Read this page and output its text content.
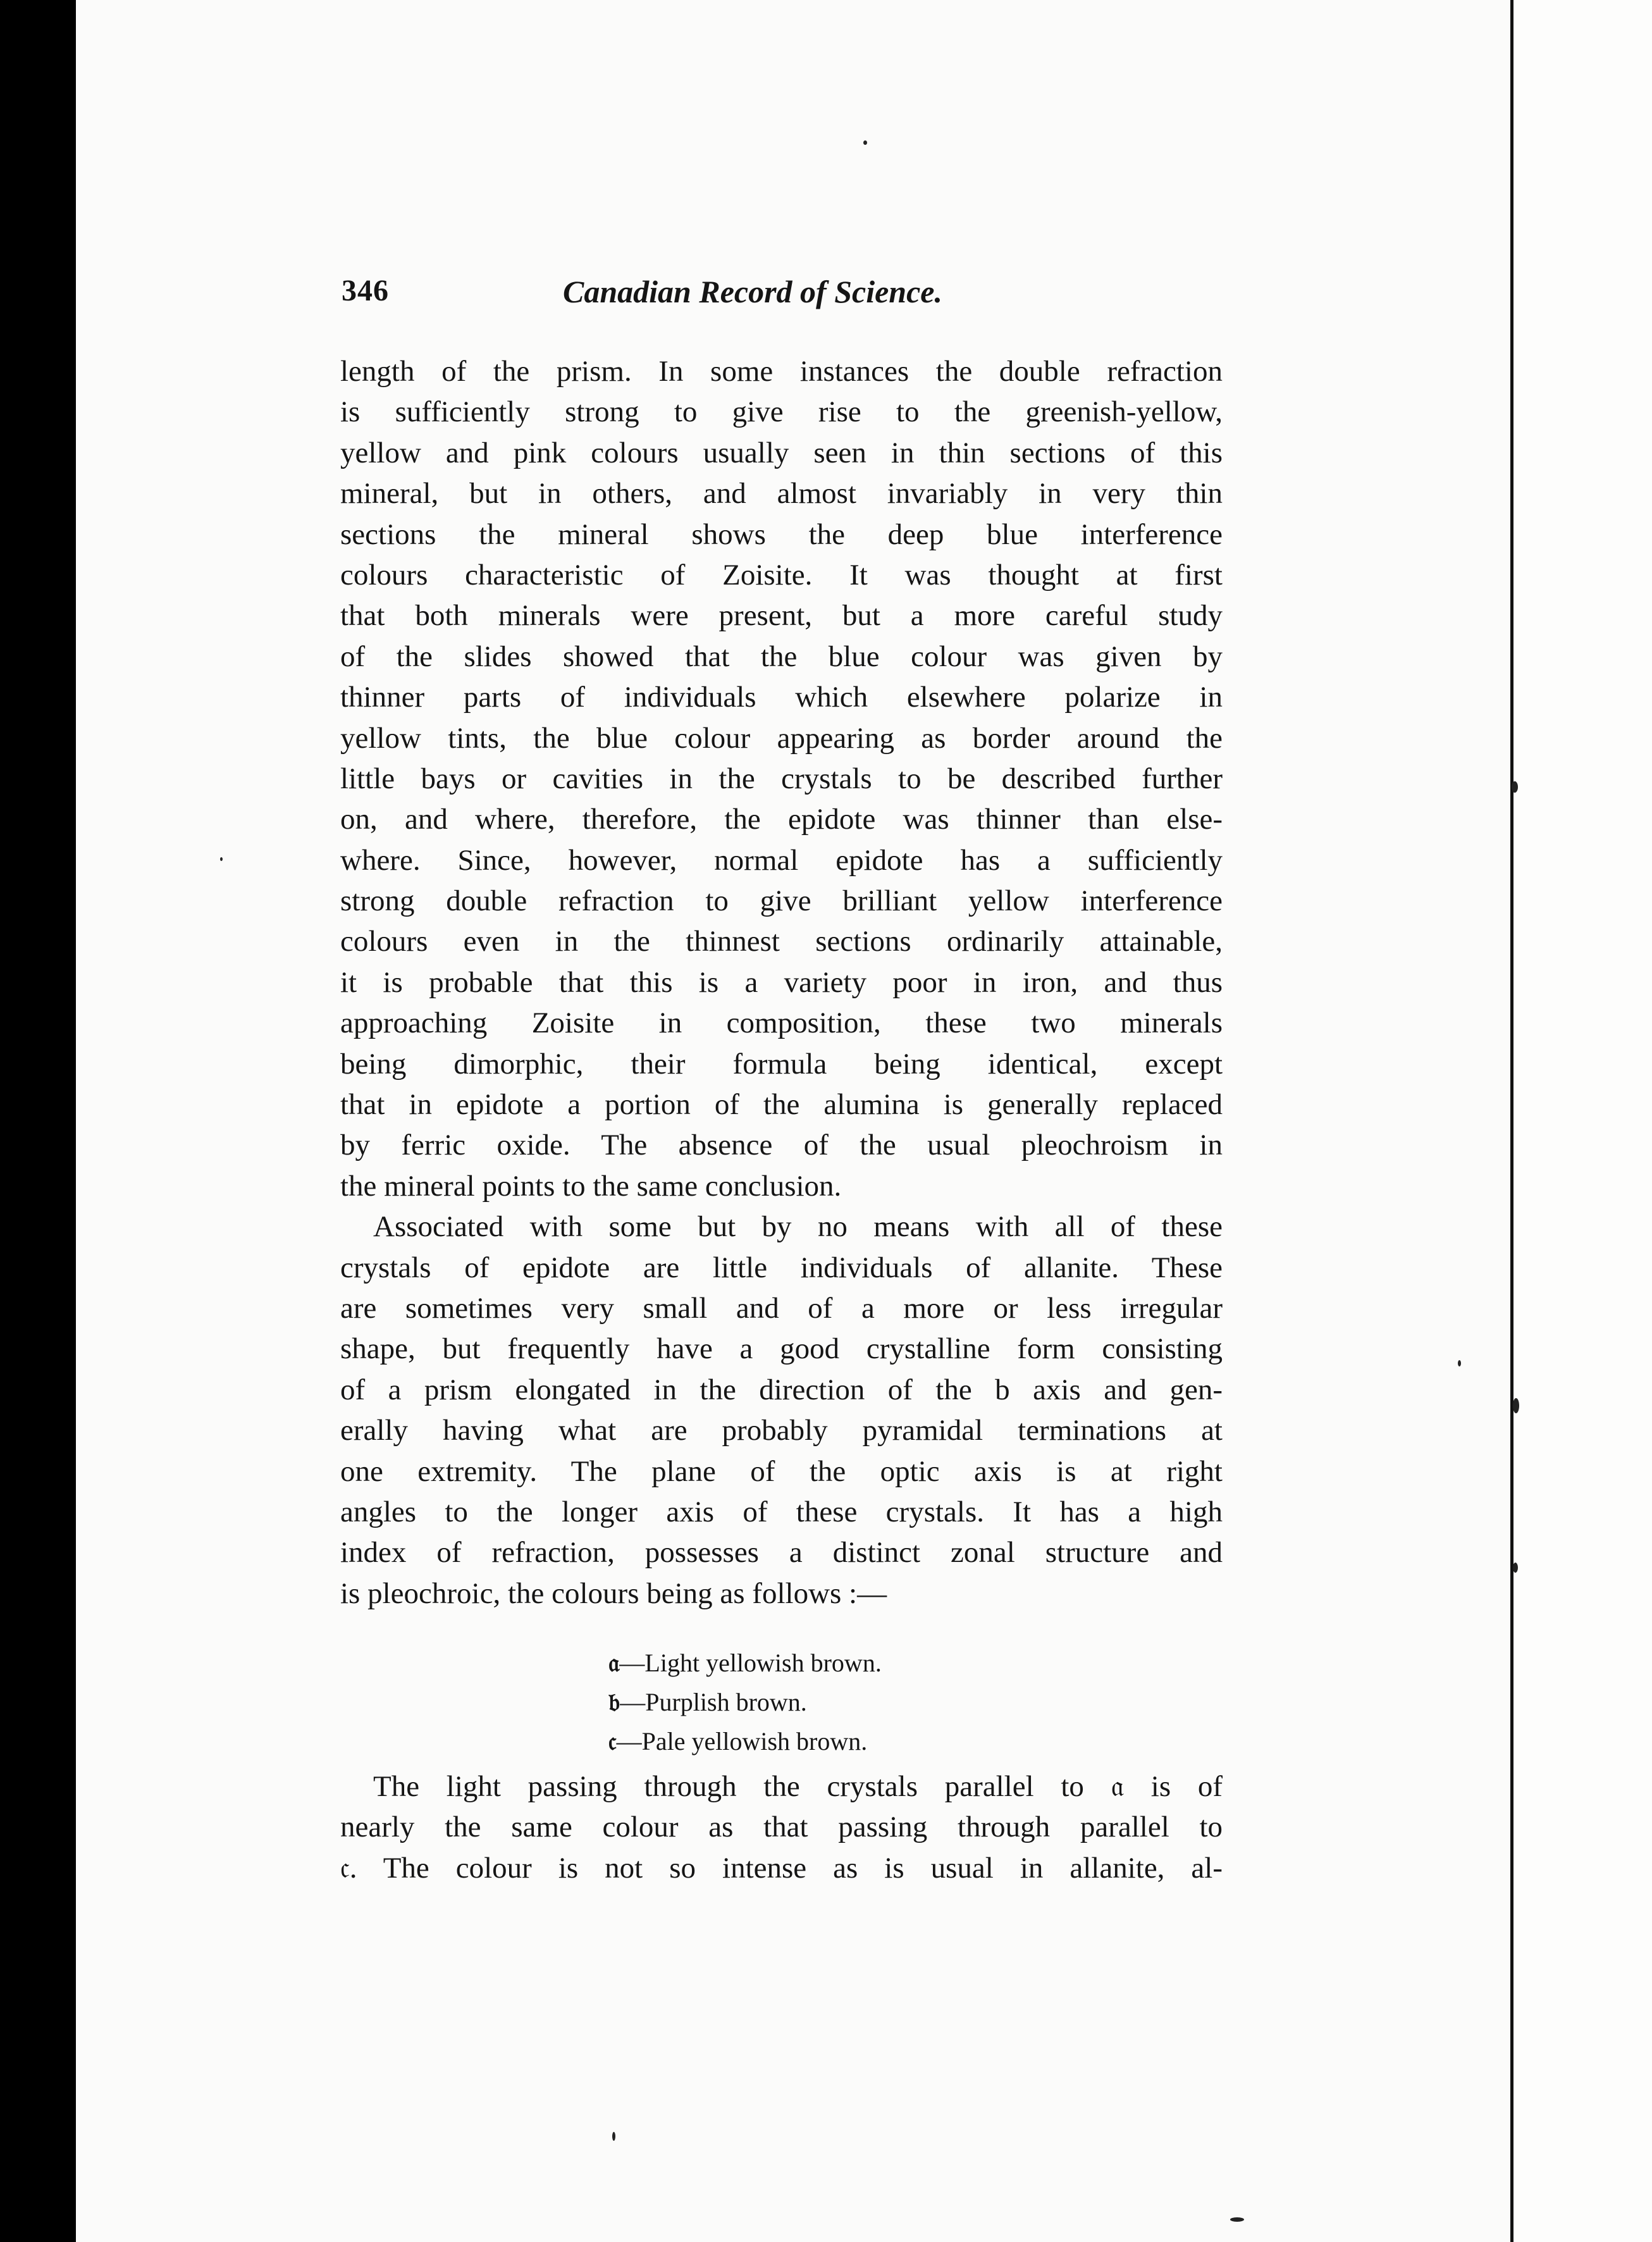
346	Canadian Record of Science.
length of the prism. In some instances the double refraction
is sufficiently strong to give rise to the greenish-yellow,
yellow and pink colours usually seen in thin sections of this
mineral, but in others, and almost invariably in very thin
sections the mineral shows the deep blue interference
colours characteristic of Zoisite. It was thought at first
that both minerals were present, but a more careful study
of the slides showed that the blue colour was given by
thinner parts of individuals which elsewhere polarize in
yellow tints, the blue colour appearing as border around the
little bays or cavities in the crystals to be described further
on, and where, therefore, the epidote was thinner than else-
where. Since, however, normal epidote has a sufficiently
strong double refraction to give brilliant yellow interference
colours even in the thinnest sections ordinarily attainable,
it is probable that this is a variety poor in iron, and thus
approaching Zoisite in composition, these two minerals
being dimorphic, their formula being identical, except
that in epidote a portion of the alumina is generally replaced
by ferric oxide. The absence of the usual pleochroism in
the mineral points to the same conclusion.
Associated with some but by no means with all of these
crystals of epidote are little individuals of allanite. These
are sometimes very small and of a more or less irregular
shape, but frequently have a good crystalline form consisting
of a prism elongated in the direction of the b axis and gen-
erally having what are probably pyramidal terminations at
one extremity. The plane of the optic axis is at right
angles to the longer axis of these crystals. It has a high
index of refraction, possesses a distinct zonal structure and
is pleochroic, the colours being as follows :—
𝔞—Light yellowish brown.
𝔟—Purplish brown.
𝔠—Pale yellowish brown.
The light passing through the crystals parallel to 𝔞 is of
nearly the same colour as that passing through parallel to
𝔠. The colour is not so intense as is usual in allanite, al-
